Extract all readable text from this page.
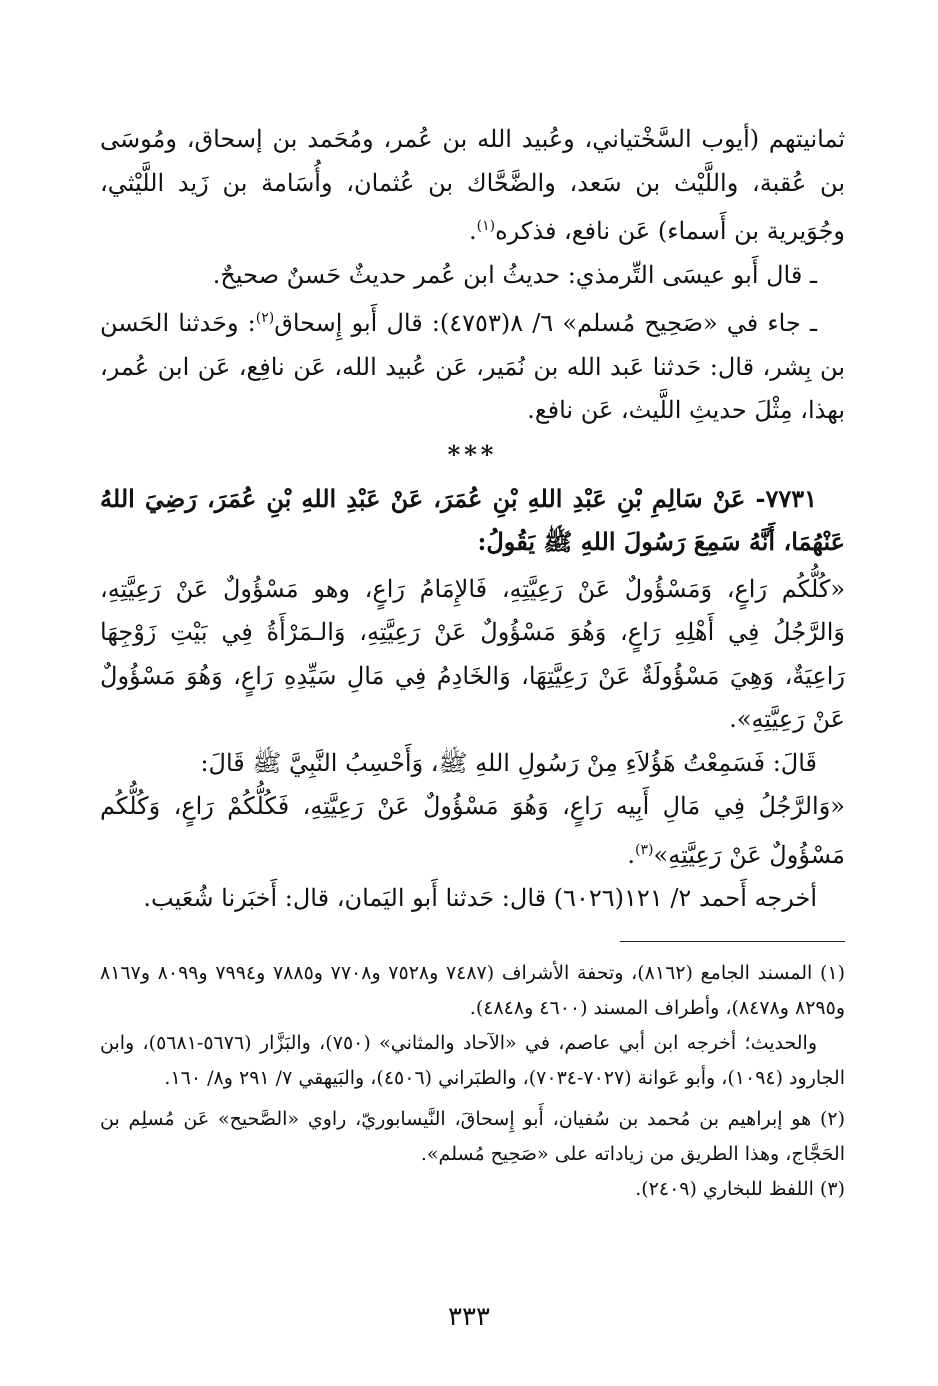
ثمانيتهم (أيوب السَّخْتياني، وعُبيد الله بن عُمر، ومُحَمد بن إسحاق، ومُوسَى بن عُقبة، واللَّيْث بن سَعد، والضَّحَّاك بن عُثمان، وأُسَامة بن زَيد اللَّيْثي، وجُوَيرية بن أَسماء) عَن نافع، فذكره$^{(١)}$.

ـ قال أَبو عيسَى التِّرمذي: حديثُ ابن عُمر حديثٌ حَسنٌ صحيحٌ.

ـ جاء في «صَحِيح مُسلم» ٦/ ٨(٤٧٥٣): قال أَبو إِسحاق$^{(٢)}$: وحَدثنا الحَسن بن بِشر، قال: حَدثنا عَبد الله بن نُمَير، عَن عُبيد الله، عَن نافِع، عَن ابن عُمر، بهذا، مِثْلَ حديثِ اللَّيث، عَن نافع.

***

٧٧٣١- عَنْ سَالِمِ بْنِ عَبْدِ اللهِ بْنِ عُمَرَ، عَنْ عَبْدِ اللهِ بْنِ عُمَرَ، رَضِيَ اللهُ عَنْهُمَا، أَنَّهُ سَمِعَ رَسُولَ اللهِ ﷺ يَقُولُ:

«كُلُّكُم رَاعٍ، وَمَسْؤُولٌ عَنْ رَعِيَّتِهِ، فَالإِمَامُ رَاعٍ، وهو مَسْؤُولٌ عَنْ رَعِيَّتِهِ، وَالرَّجُلُ فِي أَهْلِهِ رَاعٍ، وَهُوَ مَسْؤُولٌ عَنْ رَعِيَّتِهِ، وَالـمَرْأَةُ فِي بَيْتِ زَوْجِهَا رَاعِيَةٌ، وَهِيَ مَسْؤُولَةٌ عَنْ رَعِيَّتِهَا، وَالخَادِمُ فِي مَالِ سَيِّدِهِ رَاعٍ، وَهُوَ مَسْؤُولٌ عَنْ رَعِيَّتِهِ».

قَالَ: فَسَمِعْتُ هَؤُلاَءِ مِنْ رَسُولِ اللهِ ﷺ، وَأَحْسِبُ النَّبِيَّ ﷺ قَالَ:

«وَالرَّجُلُ فِي مَالِ أَبِيه رَاعٍ، وَهُوَ مَسْؤُولٌ عَنْ رَعِيَّتِهِ، فَكُلُّكُمْ رَاعٍ، وَكُلُّكُم مَسْؤُولٌ عَنْ رَعِيَّتِهِ»$^{(٣)}$.

أخرجه أَحمد ٢/ ١٢١(٦٠٢٦) قال: حَدثنا أَبو اليَمان، قال: أَخبَرنا شُعَيب.

(١) المسند الجامع (٨١٦٢)، وتحفة الأشراف (٧٤٨٧ و٧٥٢٨ و٧٧٠٨ و٧٨٨٥ و٧٩٩٤ و٨٠٩٩ و٨١٦٧ و٨٢٩٥ و٨٤٧٨)، وأطراف المسند (٤٦٠٠ و٤٨٤٨).

والحديث؛ أخرجه ابن أبي عاصم، في «الآحاد والمثاني» (٧٥٠)، والبَزَّار (٥٦٧٦-٥٦٨١)، وابن الجارود (١٠٩٤)، وأبو عَوانة (٧٠٢٧-٧٠٣٤)، والطبَراني (٤٥٠٦)، والبَيهقي ٧/ ٢٩١ و٨/ ١٦٠.

(٢) هو إبراهيم بن مُحمد بن سُفيان، أَبو إِسحاقَ، النَّيسابوريّ، راوي «الصَّحيح» عَن مُسلِم بن الحَجَّاج، وهذا الطريق من زياداته على «صَحِيح مُسلم».

(٣) اللفظ للبخاري (٢٤٠٩).

٣٣٣
